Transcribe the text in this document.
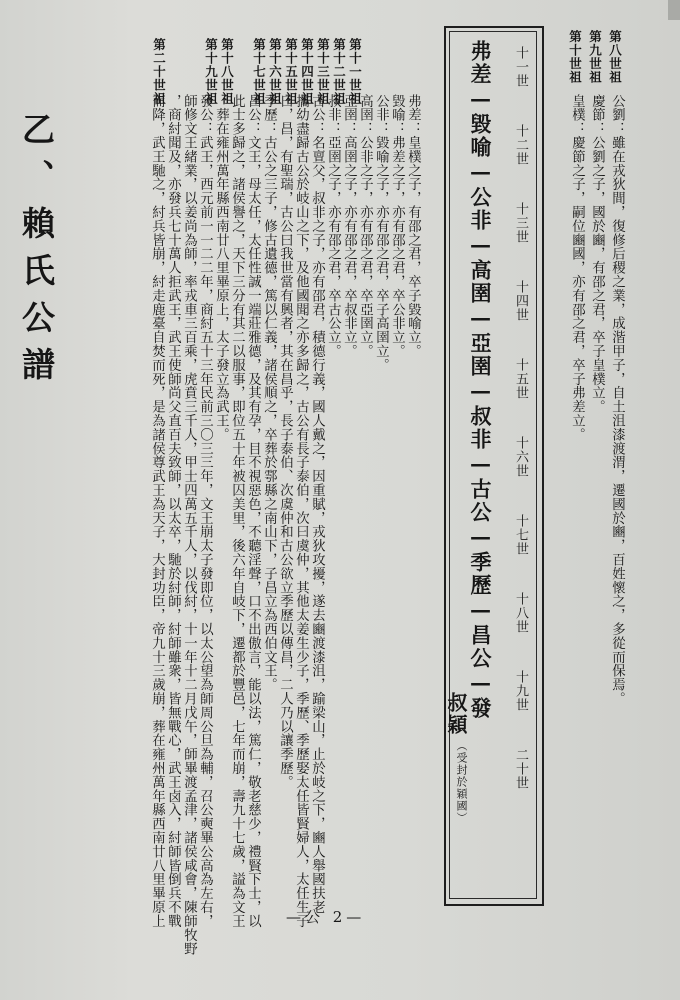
乙、賴氏公譜
第十一世祖
第十二世祖
第十三世祖
第十四世祖
第十五世祖
第十六世祖
第十七世祖
第十八世祖
第十九世祖
第二十世祖
弗差：皇樸之子，有邵之君，卒子毀喻立。
毀喻：弗差之子，亦有邵之君，卒公非立。
公非：毀喻之子，亦有邵之君，卒子高圉立。
高圉：公非之子，亦有邵之君，卒亞圉立。
亞圉：高圉之子，亦有邵之君，卒叔非立。
叔非：亞圉之子，亦有邵之君，卒古公立。
古公：名亶父，叔非之子，亦有邵君，積德行義，國人戴之，因重賦，戎狄攻擾，遂去豳渡漆沮，踰梁山，止於岐之下，豳人舉國扶老
攜幼盡歸古公於岐山之下，及他國聞之亦多歸之，古公有長子泰伯，次曰虞仲，其他太姜生少子，季歷、季歷娶太任皆賢婦人，太任生子
曰，昌，有聖瑞，古公曰我世當有興者，其在昌乎，長子泰伯、次虞仲和古公欲立季歷以傳昌，二人乃以讓季歷。
季歷：古公之三子，修古遺德，篤以仁義，諸侯順之，卒葬於鄠縣之南山下，子昌立為西伯文王。
昌公：文王，母太任，太任性誠一端莊雅德，及其有孕，目不視惡色，不聽淫聲，口不出傲言，能以法，篤仁，敬老慈少，禮賢下士，以
此士多歸之，諸侯譽之，天下三分有其二以服事，即位五十年被囚美里，後六年自岐下，遷都於豐邑，七年而崩，壽九十七歲，謚為文王
，葬在雍州萬年縣西南廿八里畢原上，太子發立為武王。
發公：武王，西元前一一二二年，商紂五十三年民前三〇三三年，文王崩太子發即位，以太公望為師周公旦為輔，召公奭畢公高為左右，
師修文王緒業，以姜尚為師，率戎車三百乘，虎賁三千人，甲士四萬五千人，以伐紂，十一年十二月戊午，師畢渡孟津，諸侯咸會，陳師牧野
，商紂聞及，亦發兵七十萬人拒武王，武王使師尚父直百夫致師，以太卒，馳於紂師，紂師雖衆，皆無戰心，武王卤入，紂師皆倒兵不戰
而降，武王馳之，紂兵皆崩，紂走鹿臺自焚而死，是為諸侯尊武王為天子，大封功臣，帝九十三歲崩，葬在雍州萬年縣西南廿八里畢原上
十一世
十二世
十三世
十四世
十五世
十六世
十七世
十八世
十九世
二十世
弗差—毀喻—公非—高圉—亞圉—叔非—古公—季歷—昌公—發
叔穎
（受封於穎國）
第八世祖
第九世祖
第十世祖
公劉：雖在戎狄間，復修后稷之業，成湝甲子，自土沮漆渡渭，遷國於豳，百姓懷之，多從而保焉。
慶節：公劉之子，國於豳，有邵之君，卒子皇樸立。
皇樸：慶節之子，嗣位豳國，亦有邵之君，卒子弗差立。
—公 2—
